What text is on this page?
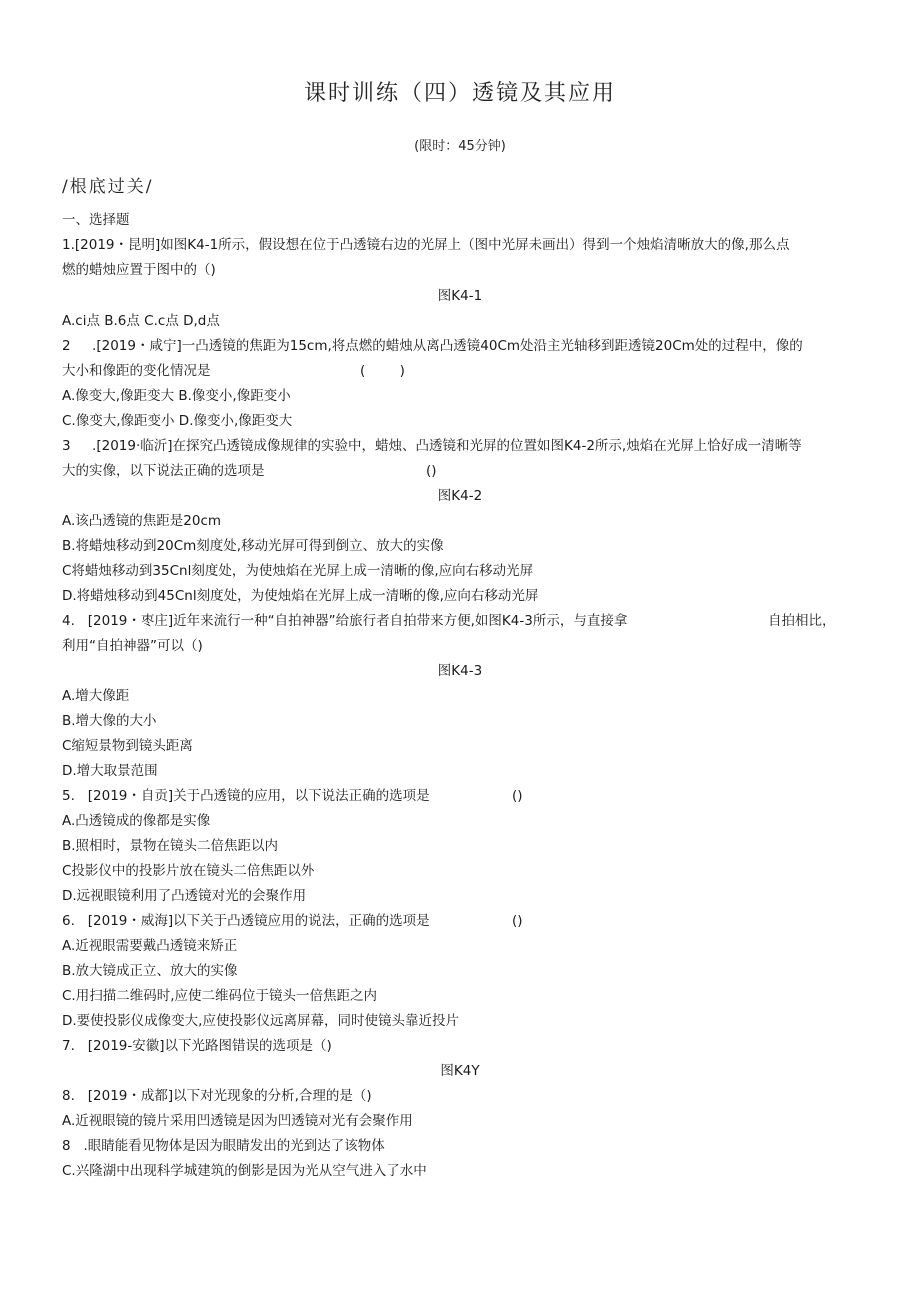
课时训练（四）透镜及其应用
(限时：45分钟)
/根底过关/
一、选择题
1.[2019・昆明]如图K4-1所示，假设想在位于凸透镜右边的光屏上（图中光屏未画出）得到一个烛焰清晰放大的像,那么点
燃的蜡烛应置于图中的（)
图K4-1
A.ci点 B.6点 C.c点 D,d点
2     .[2019・咸宁]一凸透镜的焦距为15cm,将点燃的蜡烛从离凸透镜40Cm处沿主光轴移到距透镜20Cm处的过程中，像的
大小和像距的变化情况是	(        )
A.像变大,像距变大 B.像变小,像距变小
C.像变大,像距变小 D.像变小,像距变大
3     .[2019·临沂]在探究凸透镜成像规律的实验中，蜡烛、凸透镜和光屏的位置如图K4-2所示,烛焰在光屏上恰好成一清晰等
大的实像，以下说法正确的选项是	()
图K4-2
A.该凸透镜的焦距是20cm
B.将蜡烛移动到20Cm刻度处,移动光屏可得到倒立、放大的实像
C将蜡烛移动到35Cnl刻度处，为使烛焰在光屏上成一清晰的像,应向右移动光屏
D.将蜡烛移动到45Cnl刻度处，为使烛焰在光屏上成一清晰的像,应向右移动光屏
4.   [2019・枣庄]近年来流行一种“自拍神器”给旅行者自拍带来方便,如图K4-3所示，与直接拿	自拍相比，
利用“自拍神器”可以（)
图K4-3
A.增大像距
B.增大像的大小
C缩短景物到镜头距离
D.增大取景范围
5.   [2019・自贡]关于凸透镜的应用，以下说法正确的选项是	()
A.凸透镜成的像都是实像
B.照相时，景物在镜头二倍焦距以内
C投影仪中的投影片放在镜头二倍焦距以外
D.远视眼镜利用了凸透镜对光的会聚作用
6.   [2019・威海]以下关于凸透镜应用的说法，正确的选项是	()
A.近视眼需要戴凸透镜来矫正
B.放大镜成正立、放大的实像
C.用扫描二维码时,应使二维码位于镜头一倍焦距之内
D.要使投影仪成像变大,应使投影仪远离屏幕，同时使镜头靠近投片
7.   [2019-安徽]以下光路图错误的选项是（)
图K4Y
8.   [2019・成都]以下对光现象的分析,合理的是（)
A.近视眼镜的镜片采用凹透镜是因为凹透镜对光有会聚作用
8   .眼睛能看见物体是因为眼睛发出的光到达了该物体
C.兴隆湖中出现科学城建筑的倒影是因为光从空气进入了水中
